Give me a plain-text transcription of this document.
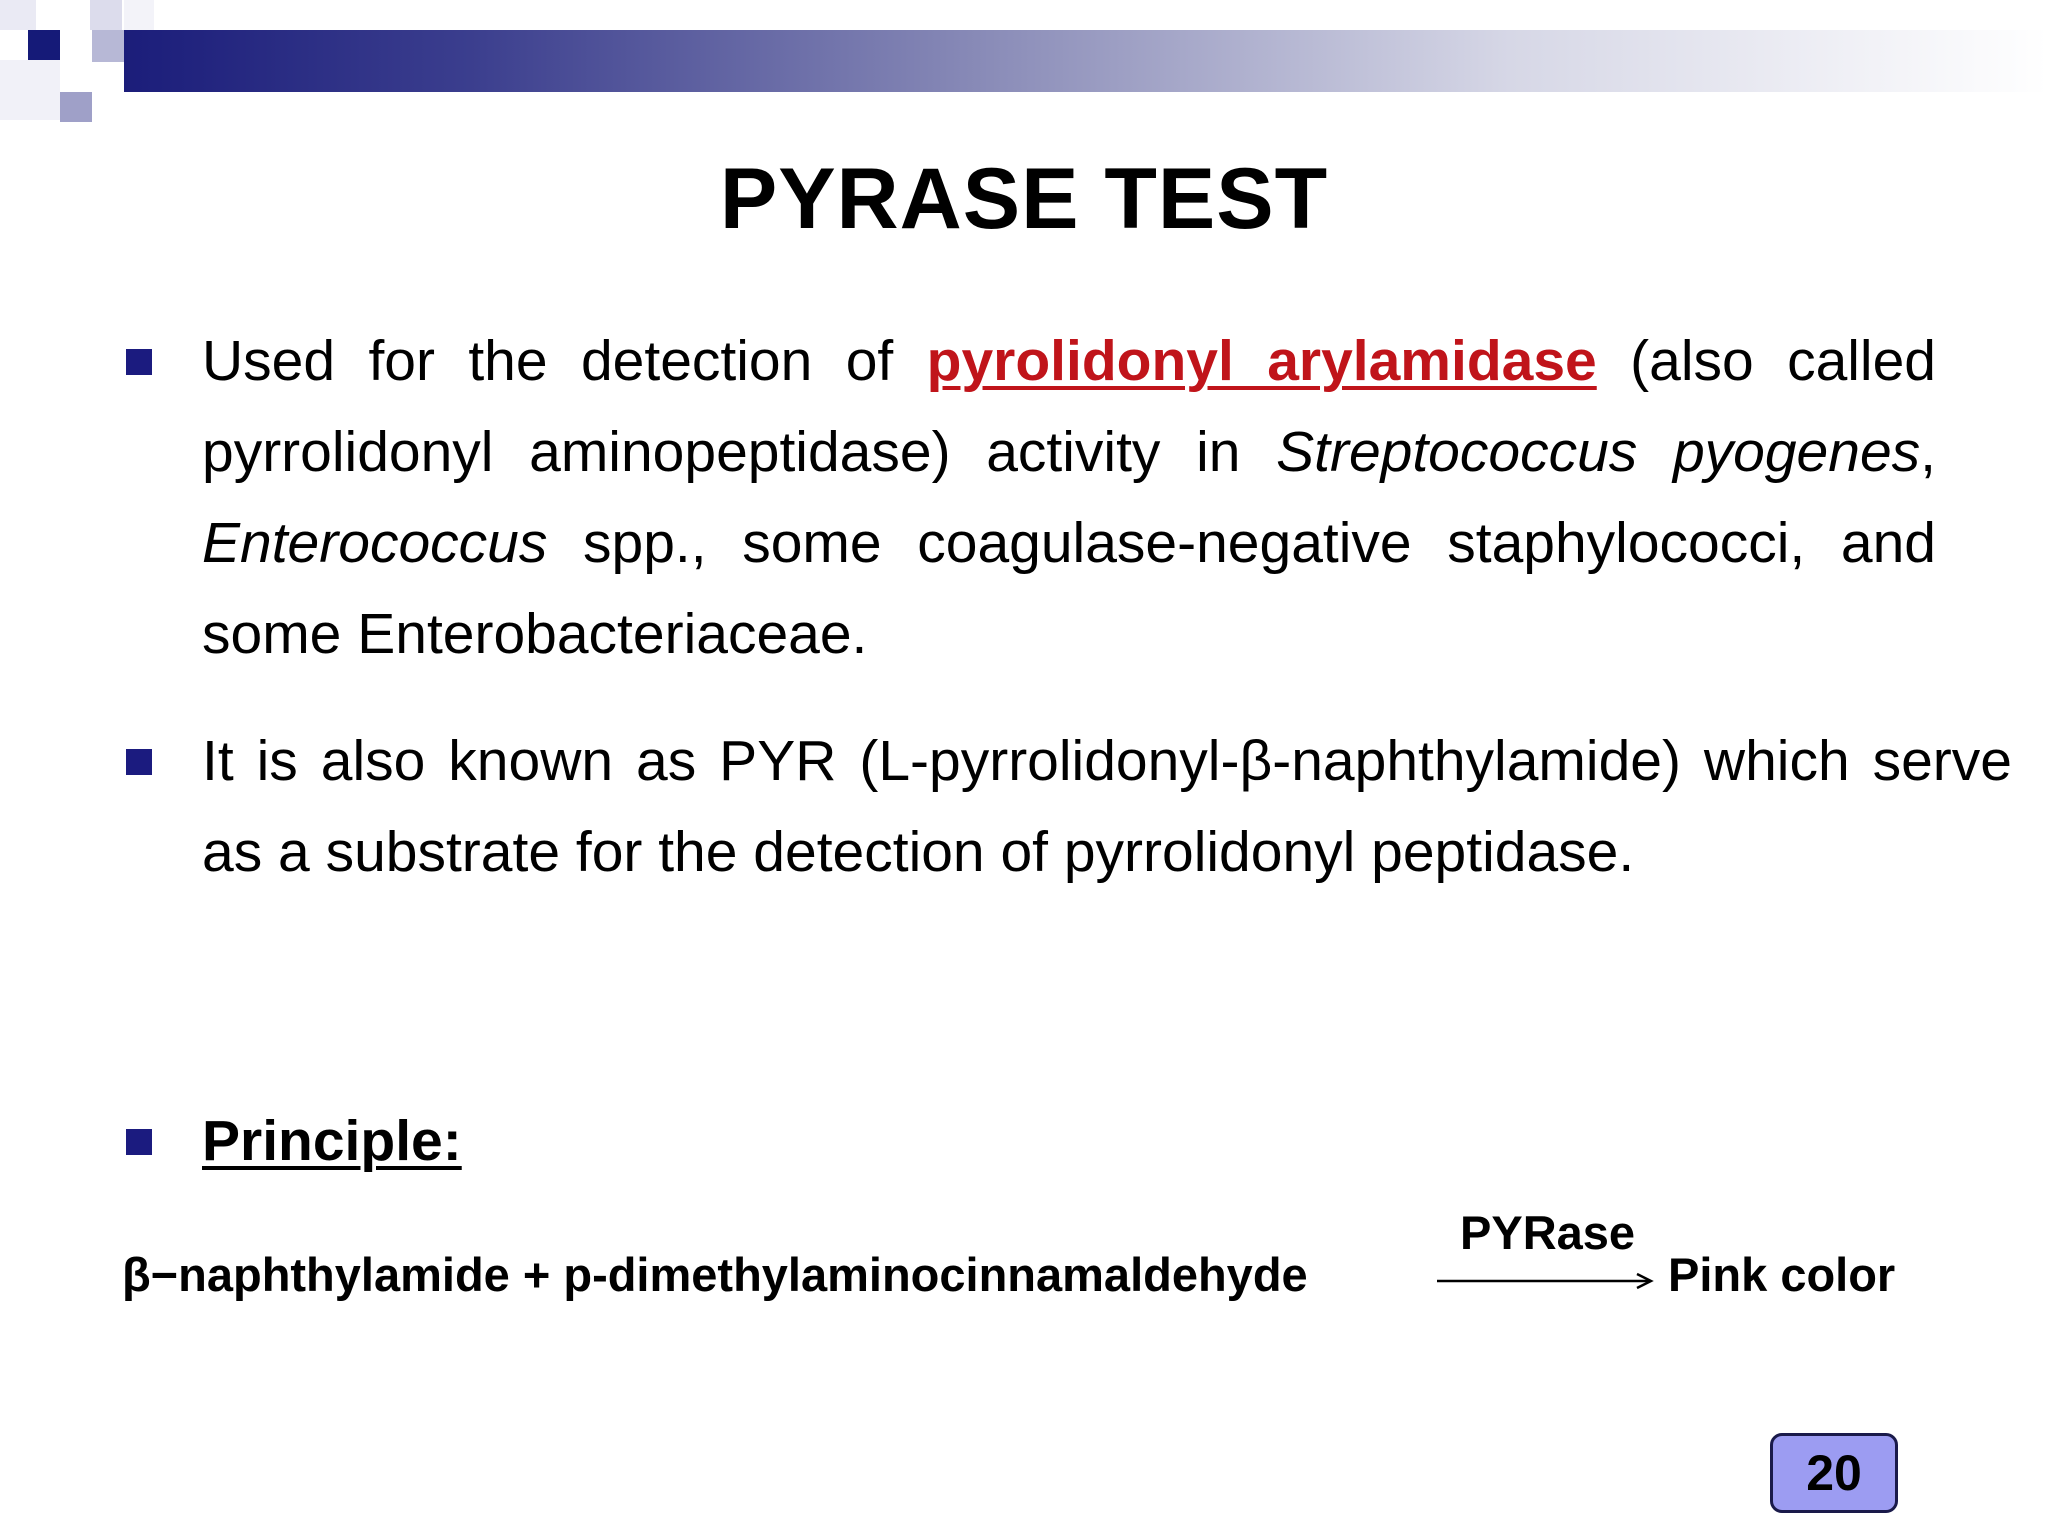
PYRASE TEST

Used for the detection of pyrolidonyl arylamidase (also called pyrrolidonyl aminopeptidase) activity in Streptococcus pyogenes, Enterococcus spp., some coagulase-negative staphylococci, and some Enterobacteriaceae.

It is also known as PYR (L-pyrrolidonyl-β-naphthylamide) which serve as a substrate for the detection of pyrrolidonyl peptidase.

Principle:

β−naphthylamide + p-dimethylaminocinnamaldehyde
PYRase
Pink color
20
